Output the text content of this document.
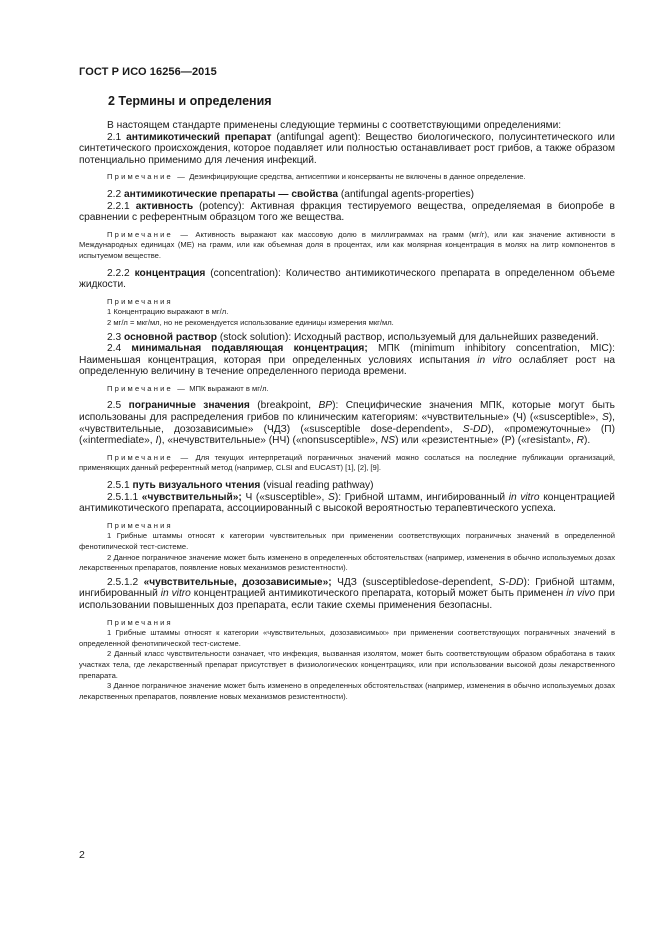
ГОСТ Р ИСО 16256—2015
2 Термины и определения

В настоящем стандарте применены следующие термины с соответствующими определениями:

2.1 антимикотический препарат (antifungal agent): Вещество биологического, полусинтетического или синтетического происхождения, которое подавляет или полностью останавливает рост грибов, а также образом потенциально применимо для лечения инфекций.

Примечание — Дезинфицирующие средства, антисептики и консерванты не включены в данное определение.

2.2 антимикотические препараты — свойства (antifungal agents-properties)

2.2.1 активность (potency): Активная фракция тестируемого вещества, определяемая в биопробе в сравнении с референтным образцом того же вещества.

Примечание — Активность выражают как массовую долю в миллиграммах на грамм (мг/г), или как значение активности в Международных единицах (МЕ) на грамм, или как объемная доля в процентах, или как молярная концентрация в молях на литр компонентов в испытуемом веществе.

2.2.2 концентрация (concentration): Количество антимикотического препарата в определенном объеме жидкости.

Примечания

1 Концентрацию выражают в мг/л.

2 мг/л = мкг/мл, но не рекомендуется использование единицы измерения мкг/мл.

2.3 основной раствор (stock solution): Исходный раствор, используемый для дальнейших разведений.

2.4 минимальная подавляющая концентрация; МПК (minimum inhibitory concentration, MIC): Наименьшая концентрация, которая при определенных условиях испытания in vitro ослабляет рост на определенную величину в течение определенного периода времени.

Примечание — МПК выражают в мг/л.

2.5 пограничные значения (breakpoint, BP): Специфические значения МПК, которые могут быть использованы для распределения грибов по клиническим категориям: «чувствительные» (Ч) («susceptible», S), «чувствительные, дозозависимые» (ЧДЗ) («susceptible dose-dependent», S-DD), «промежуточные» (П) («intermediate», I), «нечувствительные» (НЧ) («nonsusceptible», NS) или «резистентные» (Р) («resistant», R).

Примечание — Для текущих интерпретаций пограничных значений можно сослаться на последние публикации организаций, применяющих данный референтный метод (например, CLSI and EUCAST) [1], [2], [9].

2.5.1 путь визуального чтения (visual reading pathway)

2.5.1.1 «чувствительный»; Ч («susceptible», S): Грибной штамм, ингибированный in vitro концентрацией антимикотического препарата, ассоциированный с высокой вероятностью терапевтического успеха.

Примечания

1 Грибные штаммы относят к категории чувствительных при применении соответствующих пограничных значений в определенной фенотипической тест-системе.

2 Данное пограничное значение может быть изменено в определенных обстоятельствах (например, изменения в обычно используемых дозах лекарственных препаратов, появление новых механизмов резистентности).

2.5.1.2 «чувствительные, дозозависимые»; ЧДЗ (susceptibledose-dependent, S-DD): Грибной штамм, ингибированный in vitro концентрацией антимикотического препарата, который может быть применен in vivo при использовании повышенных доз препарата, если такие схемы применения безопасны.

Примечания

1 Грибные штаммы относят к категории «чувствительных, дозозависимых» при применении соответствующих пограничных значений в определенной фенотипической тест-системе.

2 Данный класс чувствительности означает, что инфекция, вызванная изолятом, может быть соответствующим образом обработана в таких участках тела, где лекарственный препарат присутствует в физиологических концентрациях, или при использовании высокой дозы лекарственного препарата.

3 Данное пограничное значение может быть изменено в определенных обстоятельствах (например, изменения в обычно используемых дозах лекарственных препаратов, появление новых механизмов резистентности).

2
